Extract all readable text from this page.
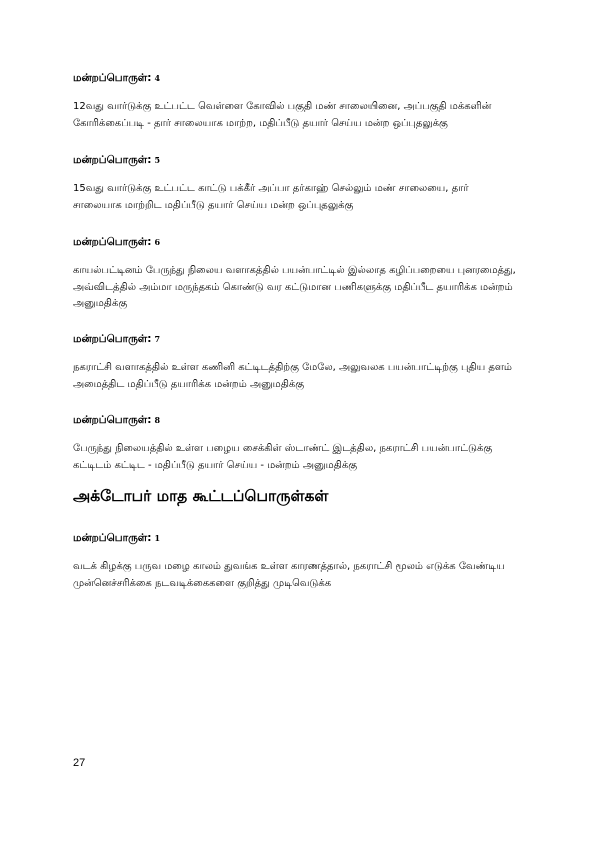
மன்றப்பொருள்: 4
12வது வார்டுக்கு உட்பட்ட வெள்ளை கோவில் பகுதி மண் சாலையினை, அப்பகுதி மக்களின்
கோரிக்கைப்படி - தார் சாலையாக மாற்ற, மதிப்பீடு தயார் செய்ய மன்ற ஒப்புதலுக்கு
மன்றப்பொருள்: 5
15வது வார்டுக்கு உட்பட்ட காட்டு பக்கீர் அப்பா தர்காஹ் செல்லும் மண் சாலையை, தார்
சாலையாக மாற்றிட மதிப்பீடு தயார் செய்ய மன்ற ஒப்புதலுக்கு
மன்றப்பொருள்: 6
காயல்பட்டினம் பேருந்து நிலைய வளாகத்தில் பயன்பாட்டில் இல்லாத கழிப்பறையை புனரமைத்து,
அவ்விடத்தில் அம்மா மருந்தகம் கொண்டு வர கட்டுமான பணிகளுக்கு மதிப்பீட தயாரிக்க மன்றம்
அனுமதிக்கு
மன்றப்பொருள்: 7
நகராட்சி வளாகத்தில் உள்ள கணினி கட்டிடத்திற்கு மேலே, அலுவலக பயன்பாட்டிற்கு புதிய தளம்
அமைத்திட மதிப்பீடு தயாரிக்க மன்றம் அனுமதிக்கு
மன்றப்பொருள்: 8
பேருந்து நிலையத்தில் உள்ள பழைய சைக்கிள் ஸ்டாண்ட் இடத்தில, நகராட்சி பயன்பாட்டுக்கு
கட்டிடம் கட்டிட - மதிப்பீடு தயார் செய்ய - மன்றம் அனுமதிக்கு
அக்டோபர் மாத கூட்டப்பொருள்கள்
மன்றப்பொருள்: 1
வடக் கிழக்கு பருவ மழை காலம் துவங்க உள்ள காரணத்தால், நகராட்சி மூலம் எடுக்க வேண்டிய
முன்னெச்சரிக்கை நடவடிக்கைகளை குறித்து முடிவெடுக்க
27
